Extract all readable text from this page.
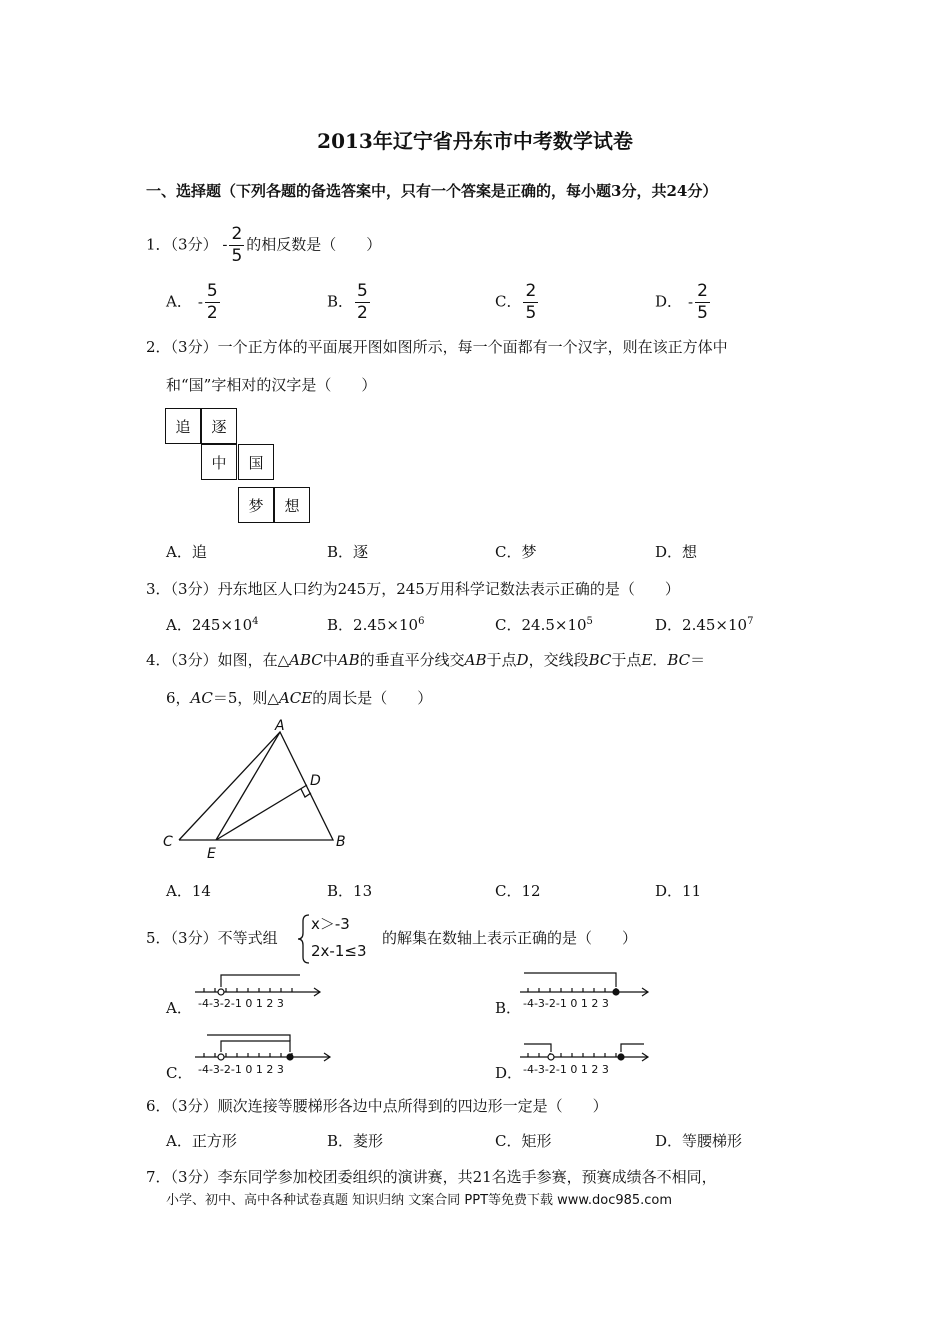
2013年辽宁省丹东市中考数学试卷
一、选择题（下列各题的备选答案中，只有一个答案是正确的，每小题3分，共24分）
1．（3分） - $\frac{2}{5}$ 的相反数是（　　）
A． - $\frac{5}{2}$	B． $\frac{5}{2}$	C． $\frac{2}{5}$	D． - $\frac{2}{5}$
2．（3分）一个正方体的平面展开图如图所示，每一个面都有一个汉字，则在该正方体中
和“国”字相对的汉字是（　　）
追	逐
中	国
梦	想
A．追	B．逐	C．梦	D．想
3．（3分）丹东地区人口约为245万，245万用科学记数法表示正确的是（　　）
A．$245\times 10^4$	B．$2.45\times 10^6$	C．$24.5\times 10^5$	D．$2.45\times 10^7$
4．（3分）如图，在△ABC中AB的垂直平分线交AB于点D，交线段BC于点E．BC＝
6，AC＝5，则△ACE的周长是（　　）
A
D
C
E
B
A．14	B．13	C．12	D．11
5．（3分）不等式组
x＞-3
2x-1≤3
的解集在数轴上表示正确的是（　　）
-4-3-2-1 0 1 2 3	-4-3-2-1 0 1 2 3
-4-3-2-1 0 1 2 3	-4-3-2-1 0 1 2 3
A．	B．
C．	D．
6．（3分）顺次连接等腰梯形各边中点所得到的四边形一定是（　　）
A．正方形	B．菱形	C．矩形	D．等腰梯形
7．（3分）李东同学参加校团委组织的演讲赛，共21名选手参赛，预赛成绩各不相同，
小学、初中、高中各种试卷真题 知识归纳 文案合同 PPT等免费下载 www.doc985.com
